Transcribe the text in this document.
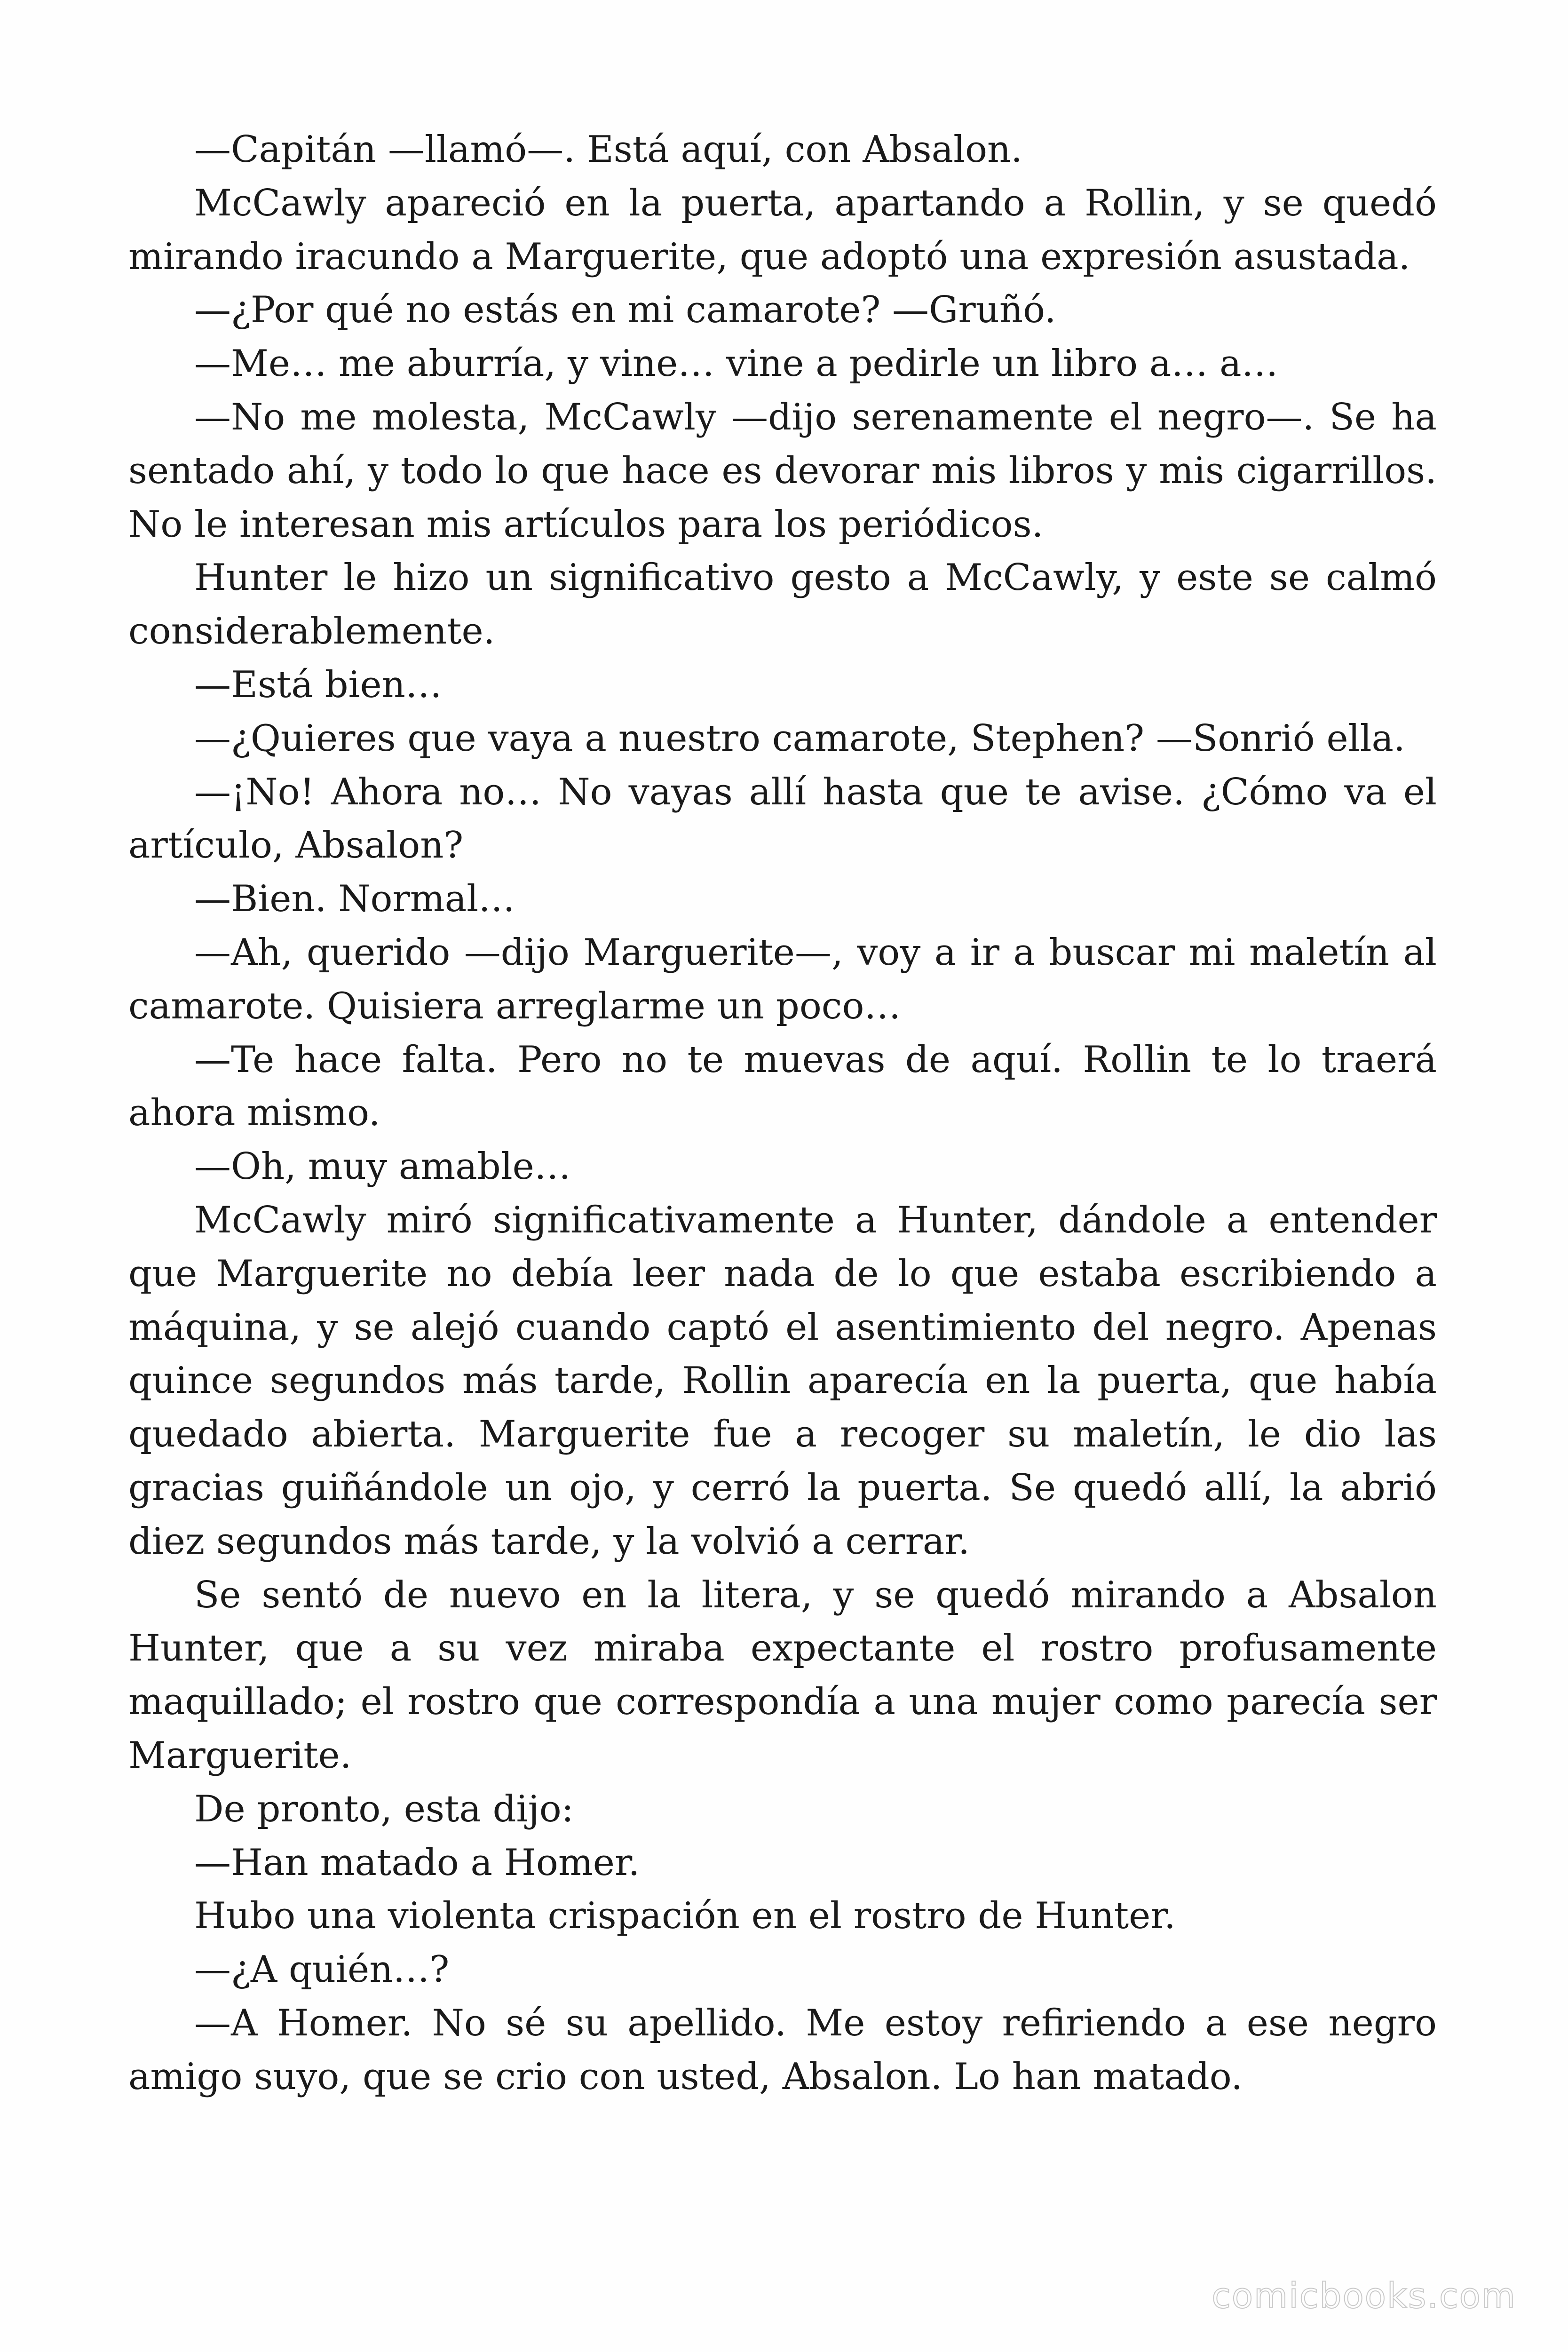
—Capitán —llamó—. Está aquí, con Absalon.

McCawly apareció en la puerta, apartando a Rollin, y se quedó mirando iracundo a Marguerite, que adoptó una expresión asustada.

—¿Por qué no estás en mi camarote? —Gruñó.

—Me… me aburría, y vine… vine a pedirle un libro a… a…

—No me molesta, McCawly —dijo serenamente el negro—. Se ha sentado ahí, y todo lo que hace es devorar mis libros y mis cigarrillos. No le interesan mis artículos para los periódicos.

Hunter le hizo un significativo gesto a McCawly, y este se calmó considerablemente.

—Está bien…

—¿Quieres que vaya a nuestro camarote, Stephen? —Sonrió ella.

—¡No! Ahora no… No vayas allí hasta que te avise. ¿Cómo va el artículo, Absalon?

—Bien. Normal…

—Ah, querido —dijo Marguerite—, voy a ir a buscar mi maletín al camarote. Quisiera arreglarme un poco…

—Te hace falta. Pero no te muevas de aquí. Rollin te lo traerá ahora mismo.

—Oh, muy amable…

McCawly miró significativamente a Hunter, dándole a entender que Marguerite no debía leer nada de lo que estaba escribiendo a máquina, y se alejó cuando captó el asentimiento del negro. Apenas quince segundos más tarde, Rollin aparecía en la puerta, que había quedado abierta. Marguerite fue a recoger su maletín, le dio las gracias guiñándole un ojo, y cerró la puerta. Se quedó allí, la abrió diez segundos más tarde, y la volvió a cerrar.

Se sentó de nuevo en la litera, y se quedó mirando a Absalon Hunter, que a su vez miraba expectante el rostro profusamente maquillado; el rostro que correspondía a una mujer como parecía ser Marguerite.

De pronto, esta dijo:

—Han matado a Homer.

Hubo una violenta crispación en el rostro de Hunter.

—¿A quién…?

—A Homer. No sé su apellido. Me estoy refiriendo a ese negro amigo suyo, que se crio con usted, Absalon. Lo han matado.

comicbooks.com
